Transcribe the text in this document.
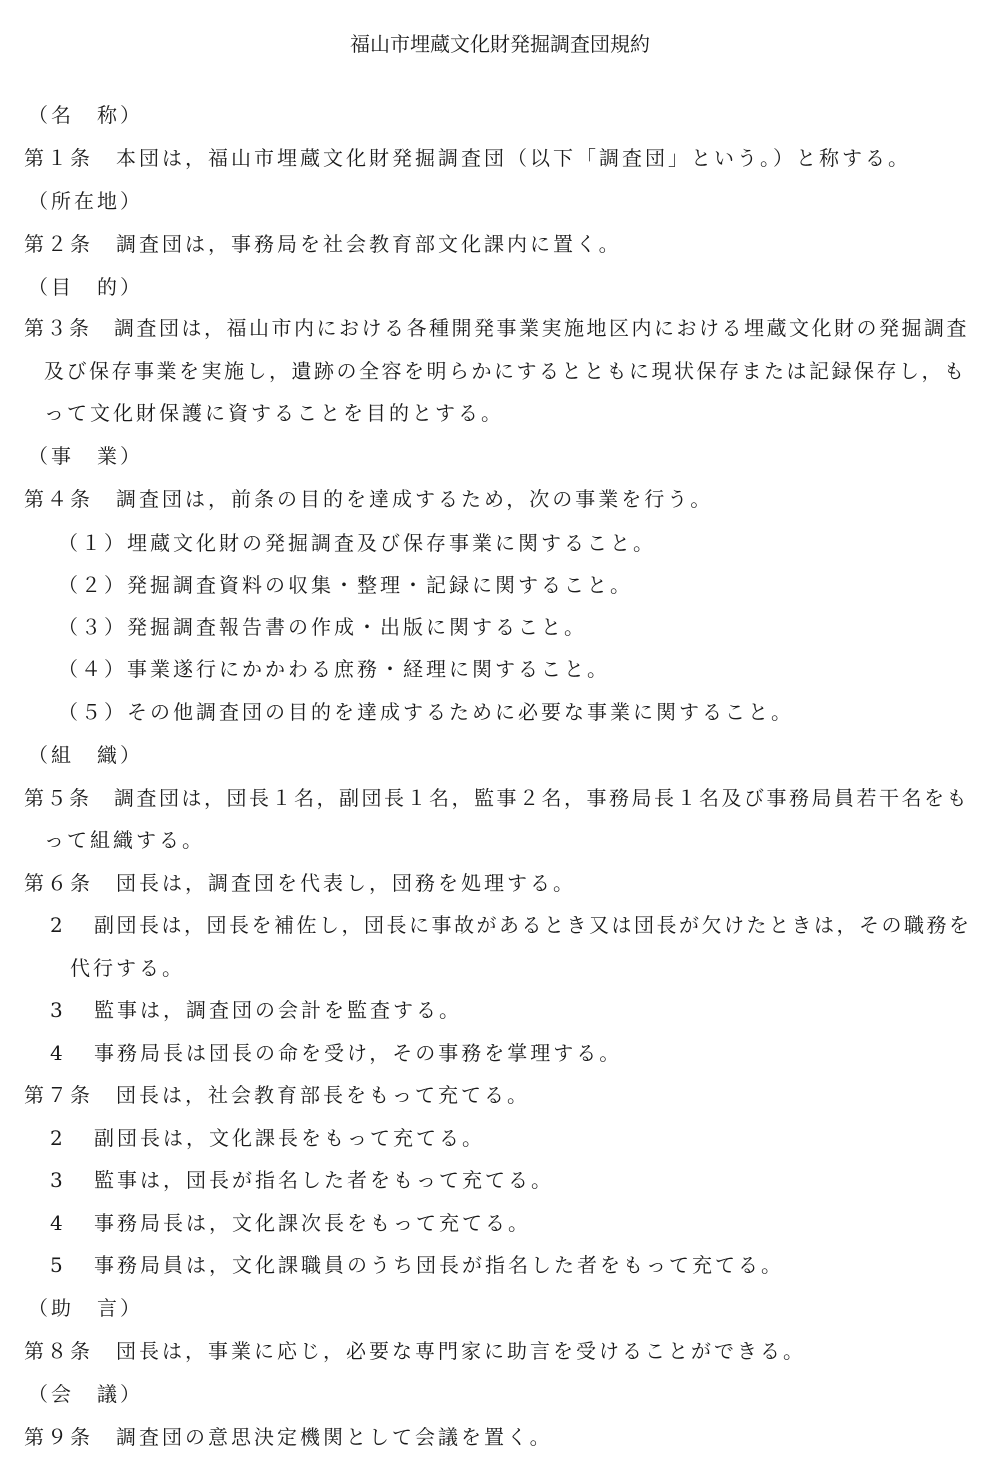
福山市埋蔵文化財発掘調査団規約
（名　称）
第１条　本団は，福山市埋蔵文化財発掘調査団（以下「調査団」という。）と称する。
（所在地）
第２条　調査団は，事務局を社会教育部文化課内に置く。
（目　的）
第３条　調査団は，福山市内における各種開発事業実施地区内における埋蔵文化財の発掘調査
及び保存事業を実施し，遺跡の全容を明らかにするとともに現状保存または記録保存し，も
って文化財保護に資することを目的とする。
（事　業）
第４条　調査団は，前条の目的を達成するため，次の事業を行う。
（１）埋蔵文化財の発掘調査及び保存事業に関すること。
（２）発掘調査資料の収集・整理・記録に関すること。
（３）発掘調査報告書の作成・出版に関すること。
（４）事業遂行にかかわる庶務・経理に関すること。
（５）その他調査団の目的を達成するために必要な事業に関すること。
（組　織）
第５条　調査団は，団長１名，副団長１名，監事２名，事務局長１名及び事務局員若干名をも
って組織する。
第６条　団長は，調査団を代表し，団務を処理する。
2 副団長は，団長を補佐し，団長に事故があるとき又は団長が欠けたときは，その職務を
代行する。
3 監事は，調査団の会計を監査する。
4 事務局長は団長の命を受け，その事務を掌理する。
第７条　団長は，社会教育部長をもって充てる。
2 副団長は，文化課長をもって充てる。
3 監事は，団長が指名した者をもって充てる。
4 事務局長は，文化課次長をもって充てる。
5 事務局員は，文化課職員のうち団長が指名した者をもって充てる。
（助　言）
第８条　団長は，事業に応じ，必要な専門家に助言を受けることができる。
（会　議）
第９条　調査団の意思決定機関として会議を置く。
